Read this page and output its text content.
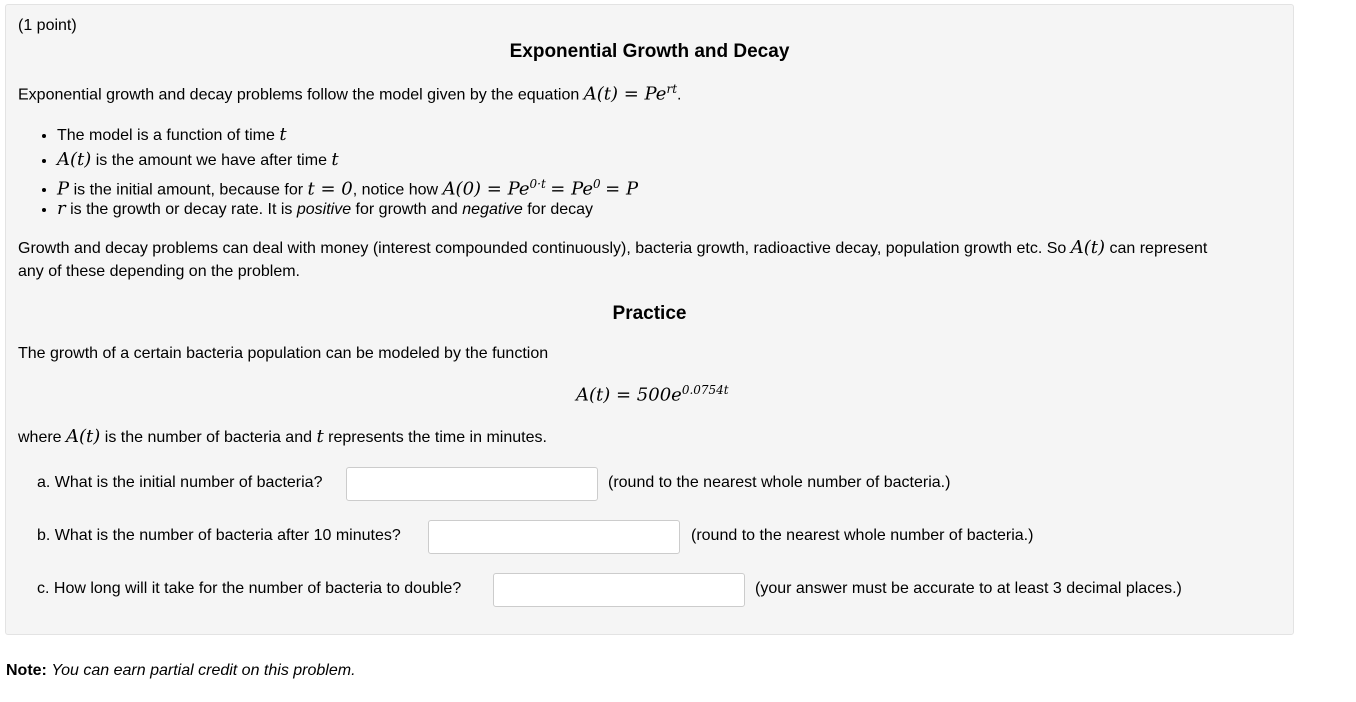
(1 point)
Exponential Growth and Decay
Exponential growth and decay problems follow the model given by the equation $A(t) = Pe^{rt}$.
• The model is a function of time t
• A(t) is the amount we have after time t
• P is the initial amount, because for t = 0, notice how $A(0) = Pe^{0\cdot t} = Pe^0 = P$
• r is the growth or decay rate. It is positive for growth and negative for decay
Growth and decay problems can deal with money (interest compounded continuously), bacteria growth, radioactive decay, population growth etc. So A(t) can represent
any of these depending on the problem.
Practice
The growth of a certain bacteria population can be modeled by the function
$A(t) = 500e^{0.0754t}$
where A(t) is the number of bacteria and t represents the time in minutes.
a. What is the initial number of bacteria?	(round to the nearest whole number of bacteria.)
b. What is the number of bacteria after 10 minutes?	(round to the nearest whole number of bacteria.)
c. How long will it take for the number of bacteria to double?	(your answer must be accurate to at least 3 decimal places.)
Note: You can earn partial credit on this problem.
